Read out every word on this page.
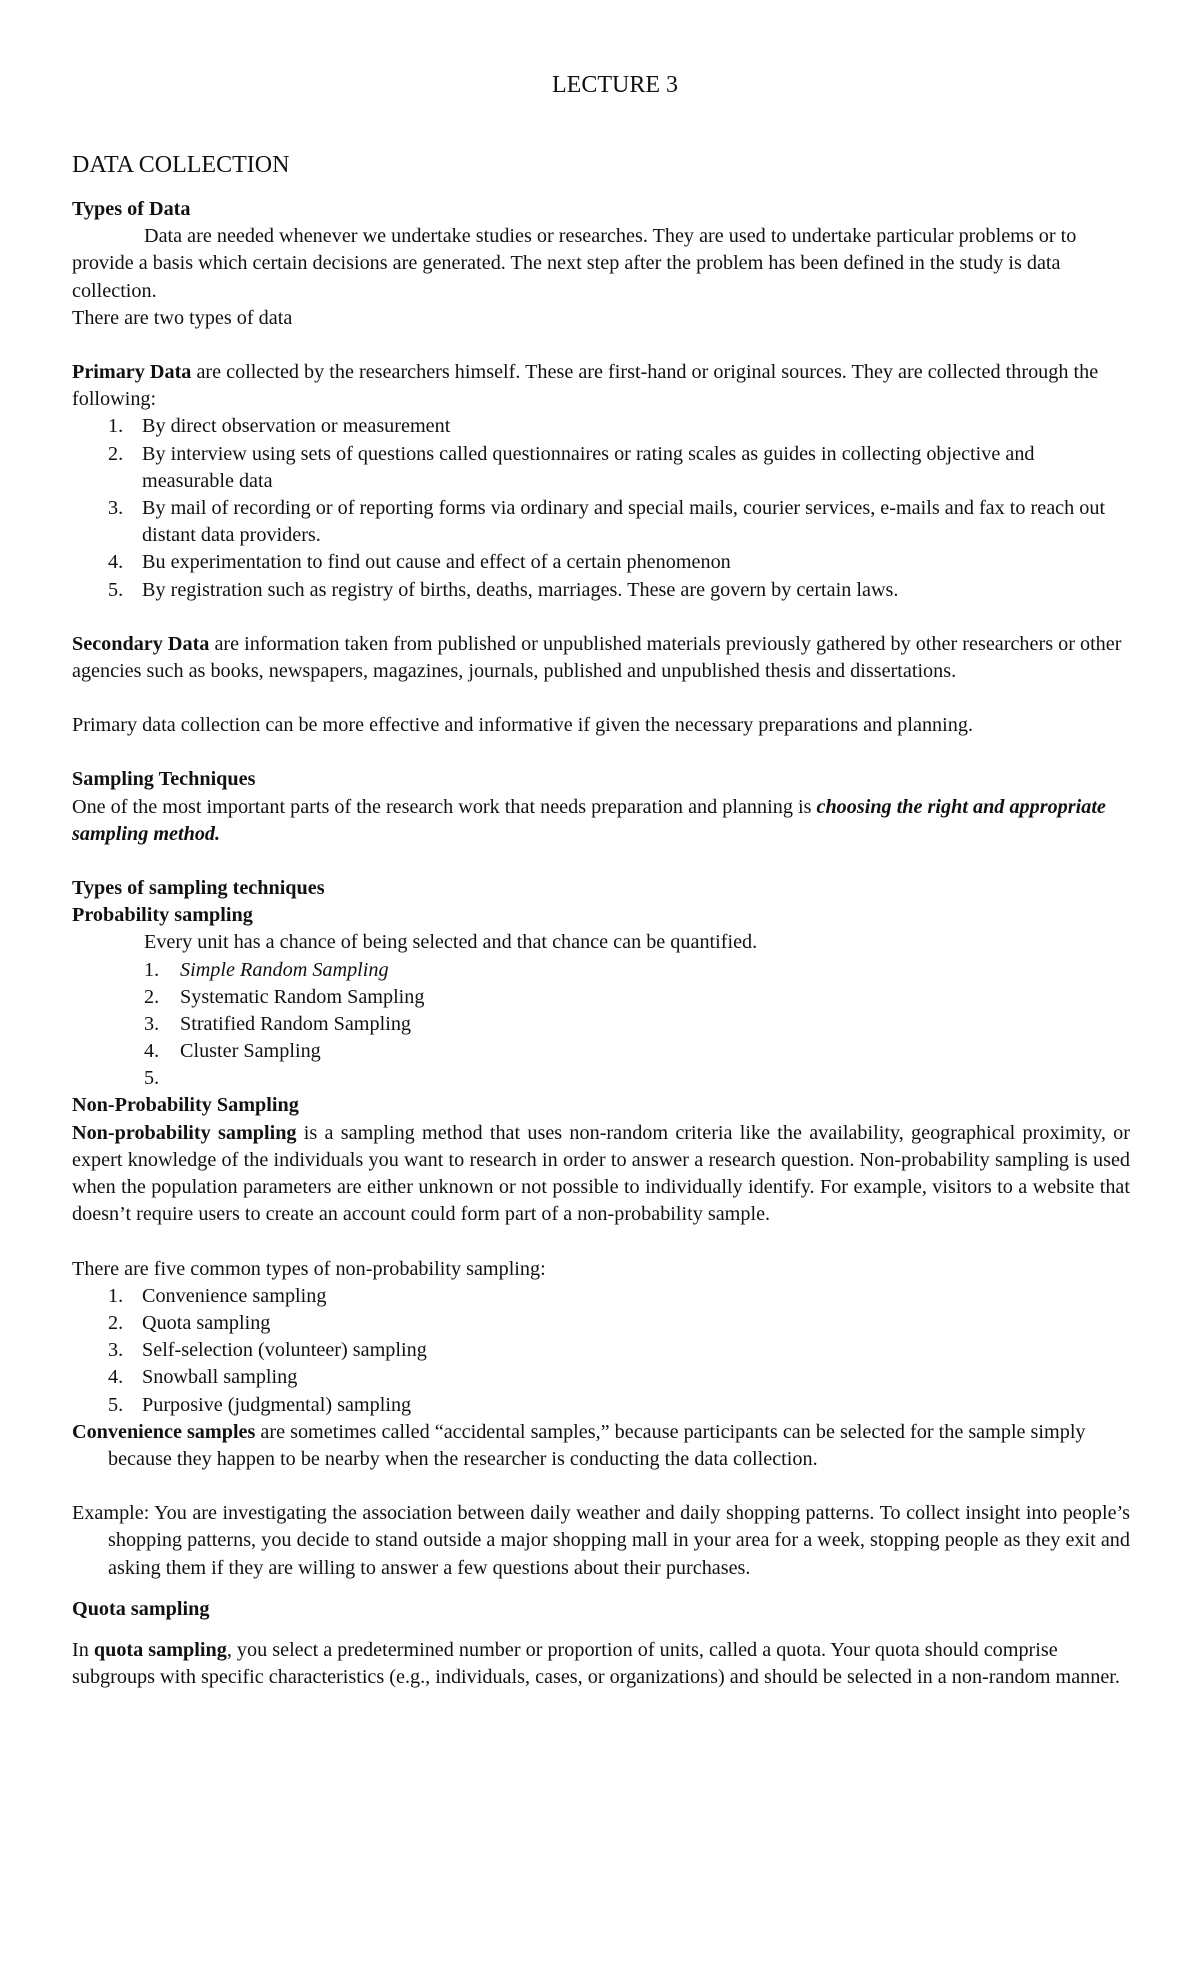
LECTURE 3
DATA COLLECTION

Types of Data

Data are needed whenever we undertake studies or researches. They are used to undertake particular problems or to provide a basis which certain decisions are generated. The next step after the problem has been defined in the study is data collection.

There are two types of data

Primary Data are collected by the researchers himself. These are first-hand or original sources. They are collected through the following:

1. By direct observation or measurement
2. By interview using sets of questions called questionnaires or rating scales as guides in collecting objective and measurable data
3. By mail of recording or of reporting forms via ordinary and special mails, courier services, e-mails and fax to reach out distant data providers.
4. Bu experimentation to find out cause and effect of a certain phenomenon
5. By registration such as registry of births, deaths, marriages. These are govern by certain laws.

Secondary Data are information taken from published or unpublished materials previously gathered by other researchers or other agencies such as books, newspapers, magazines, journals, published and unpublished thesis and dissertations.

Primary data collection can be more effective and informative if given the necessary preparations and planning.

Sampling Techniques

One of the most important parts of the research work that needs preparation and planning is choosing the right and appropriate sampling method.

Types of sampling techniques

Probability sampling

Every unit has a chance of being selected and that chance can be quantified.

1. Simple Random Sampling
2. Systematic Random Sampling
3. Stratified Random Sampling
4. Cluster Sampling
5.

Non-Probability Sampling

Non-probability sampling is a sampling method that uses non-random criteria like the availability, geographical proximity, or expert knowledge of the individuals you want to research in order to answer a research question. Non-probability sampling is used when the population parameters are either unknown or not possible to individually identify. For example, visitors to a website that doesn’t require users to create an account could form part of a non-probability sample.

There are five common types of non-probability sampling:

1. Convenience sampling
2. Quota sampling
3. Self-selection (volunteer) sampling
4. Snowball sampling
5. Purposive (judgmental) sampling

Convenience samples are sometimes called “accidental samples,” because participants can be selected for the sample simply because they happen to be nearby when the researcher is conducting the data collection.

Example: You are investigating the association between daily weather and daily shopping patterns. To collect insight into people’s shopping patterns, you decide to stand outside a major shopping mall in your area for a week, stopping people as they exit and asking them if they are willing to answer a few questions about their purchases.

Quota sampling

In quota sampling, you select a predetermined number or proportion of units, called a quota. Your quota should comprise subgroups with specific characteristics (e.g., individuals, cases, or organizations) and should be selected in a non-random manner.
